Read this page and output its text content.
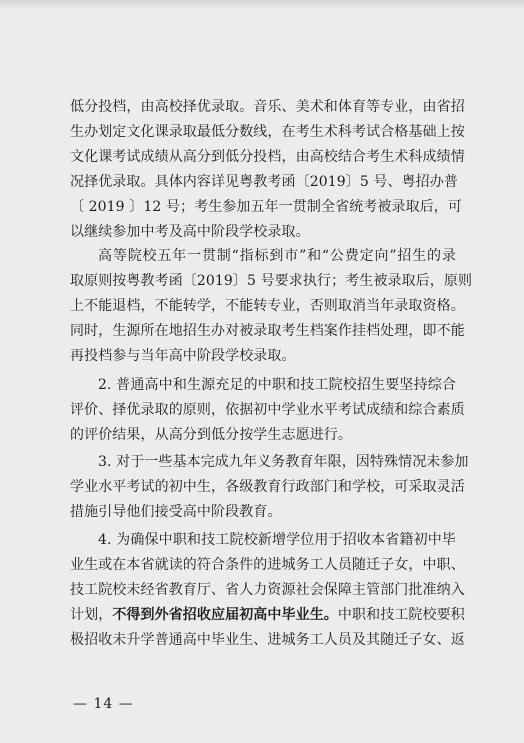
低分投档，由高校择优录取。音乐、美术和体育等专业，由省招
生办划定文化课录取最低分数线，在考生术科考试合格基础上按
文化课考试成绩从高分到低分投档，由高校结合考生术科成绩情
况择优录取。具体内容详见粤教考函〔2019〕5 号、粤招办普
〔 2019 〕12 号；考生参加五年一贯制全省统考被录取后，可
以继续参加中考及高中阶段学校录取。
高等院校五年一贯制“指标到市”和“公费定向”招生的录
取原则按粤教考函〔2019〕5 号要求执行；考生被录取后，原则
上不能退档，不能转学，不能转专业，否则取消当年录取资格。
同时，生源所在地招生办对被录取考生档案作挂档处理，即不能
再投档参与当年高中阶段学校录取。
2. 普通高中和生源充足的中职和技工院校招生要坚持综合
评价、择优录取的原则，依据初中学业水平考试成绩和综合素质
的评价结果，从高分到低分按学生志愿进行。
3. 对于一些基本完成九年义务教育年限，因特殊情况未参加
学业水平考试的初中生，各级教育行政部门和学校，可采取灵活
措施引导他们接受高中阶段教育。
4. 为确保中职和技工院校新增学位用于招收本省籍初中毕
业生或在本省就读的符合条件的进城务工人员随迁子女，中职、
技工院校未经省教育厅、省人力资源社会保障主管部门批准纳入
计划，不得到外省招收应届初高中毕业生。中职和技工院校要积
极招收未升学普通高中毕业生、进城务工人员及其随迁子女、返
— 14 —
